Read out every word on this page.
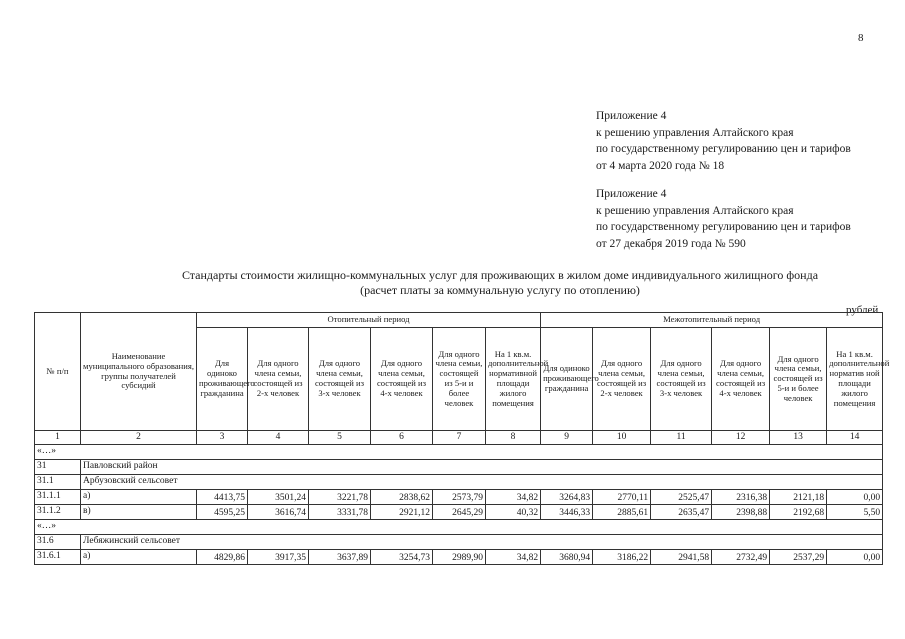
8
Приложение 4
к решению управления Алтайского края
по государственному регулированию цен и тарифов
от 4 марта 2020 года № 18
Приложение 4
к решению управления Алтайского края
по государственному регулированию цен и тарифов
от 27 декабря 2019 года № 590
Стандарты стоимости жилищно-коммунальных услуг для проживающих в жилом доме индивидуального жилищного фонда
(расчет платы за коммунальную услугу по отоплению)
рублей
№ п/п	Наименование муниципального образования, группы получателей субсидий	Отопительный период						Межотопительный период					
		Для одиноко проживающего гражданина	Для одного члена семьи, состоящей из 2-х человек	Для одного члена семьи, состоящей из 3-х человек	Для одного члена семьи, состоящей из 4-х человек	Для одного члена семьи, состоящей из 5-и и более человек	На 1 кв.м. дополнительной нормативной площади жилого помещения	Для одиноко проживающего гражданина	Для одного члена семьи, состоящей из 2-х человек	Для одного члена семьи, состоящей из 3-х человек	Для одного члена семьи, состоящей из 4-х человек	Для одного члена семьи, состоящей из 5-и и более человек	На 1 кв.м. дополнительной норматив ной площади жилого помещения
1	2	3	4	5	6	7	8	9	10	11	12	13	14
«…»													
31	Павловский район												
31.1	Арбузовский сельсовет												
31.1.1	а)	4413,75	3501,24	3221,78	2838,62	2573,79	34,82	3264,83	2770,11	2525,47	2316,38	2121,18	0,00
31.1.2	в)	4595,25	3616,74	3331,78	2921,12	2645,29	40,32	3446,33	2885,61	2635,47	2398,88	2192,68	5,50
«…»													
31.6	Лебяжинский сельсовет												
31.6.1	а)	4829,86	3917,35	3637,89	3254,73	2989,90	34,82	3680,94	3186,22	2941,58	2732,49	2537,29	0,00
